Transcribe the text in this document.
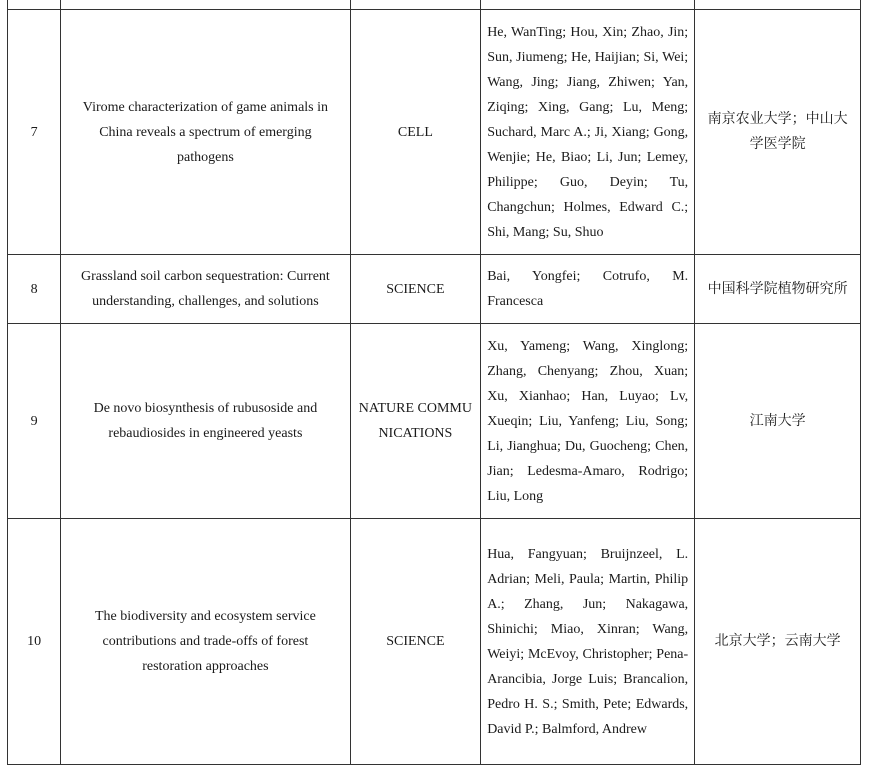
7	Virome characterization of game animals in China reveals a spectrum of emerging pathogens	CELL	He, WanTing; Hou, Xin; Zhao, Jin; Sun, Jiumeng; He, Haijian; Si, Wei; Wang, Jing; Jiang, Zhiwen; Yan, Ziqing; Xing, Gang; Lu, Meng; Suchard, Marc A.; Ji, Xiang; Gong, Wenjie; He, Biao; Li, Jun; Lemey, Philippe; Guo, Deyin; Tu, Changchun; Holmes, Edward C.; Shi, Mang; Su, Shuo	南京农业大学；中山大学医学院
8	Grassland soil carbon sequestration: Current understanding, challenges, and solutions	SCIENCE	Bai, Yongfei; Cotrufo, M. Francesca	中国科学院植物研究所
9	De novo biosynthesis of rubusoside and rebaudiosides in engineered yeasts	NATURE COMMUNICATIONS	Xu, Yameng; Wang, Xinglong; Zhang, Chenyang; Zhou, Xuan; Xu, Xianhao; Han, Luyao; Lv, Xueqin; Liu, Yanfeng; Liu, Song; Li, Jianghua; Du, Guocheng; Chen, Jian; Ledesma-Amaro, Rodrigo; Liu, Long	江南大学
10	The biodiversity and ecosystem service contributions and trade-offs of forest restoration approaches	SCIENCE	Hua, Fangyuan; Bruijnzeel, L. Adrian; Meli, Paula; Martin, Philip A.; Zhang, Jun; Nakagawa, Shinichi; Miao, Xinran; Wang, Weiyi; McEvoy, Christopher; Pena-Arancibia, Jorge Luis; Brancalion, Pedro H. S.; Smith, Pete; Edwards, David P.; Balmford, Andrew	北京大学；云南大学
